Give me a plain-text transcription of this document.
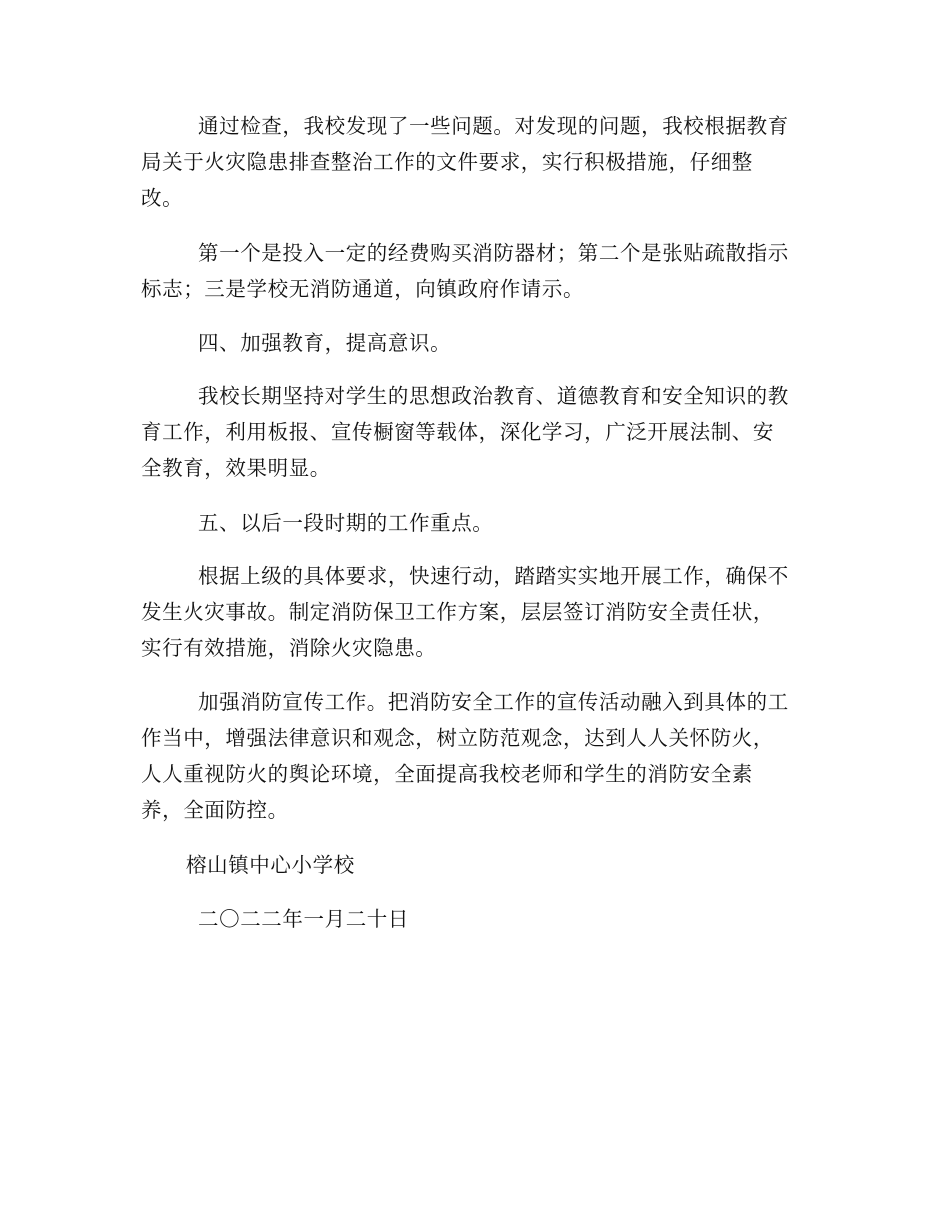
通过检查，我校发现了一些问题。对发现的问题，我校根据教育
局关于火灾隐患排查整治工作的文件要求，实行积极措施，仔细整
改。
第一个是投入一定的经费购买消防器材；第二个是张贴疏散指示
标志；三是学校无消防通道，向镇政府作请示。
四、加强教育，提高意识。
我校长期坚持对学生的思想政治教育、道德教育和安全知识的教
育工作，利用板报、宣传橱窗等载体，深化学习，广泛开展法制、安
全教育，效果明显。
五、以后一段时期的工作重点。
根据上级的具体要求，快速行动，踏踏实实地开展工作，确保不
发生火灾事故。制定消防保卫工作方案，层层签订消防安全责任状，
实行有效措施，消除火灾隐患。
加强消防宣传工作。把消防安全工作的宣传活动融入到具体的工
作当中，增强法律意识和观念，树立防范观念，达到人人关怀防火，
人人重视防火的舆论环境，全面提高我校老师和学生的消防安全素
养，全面防控。
榕山镇中心小学校
二〇二二年一月二十日
